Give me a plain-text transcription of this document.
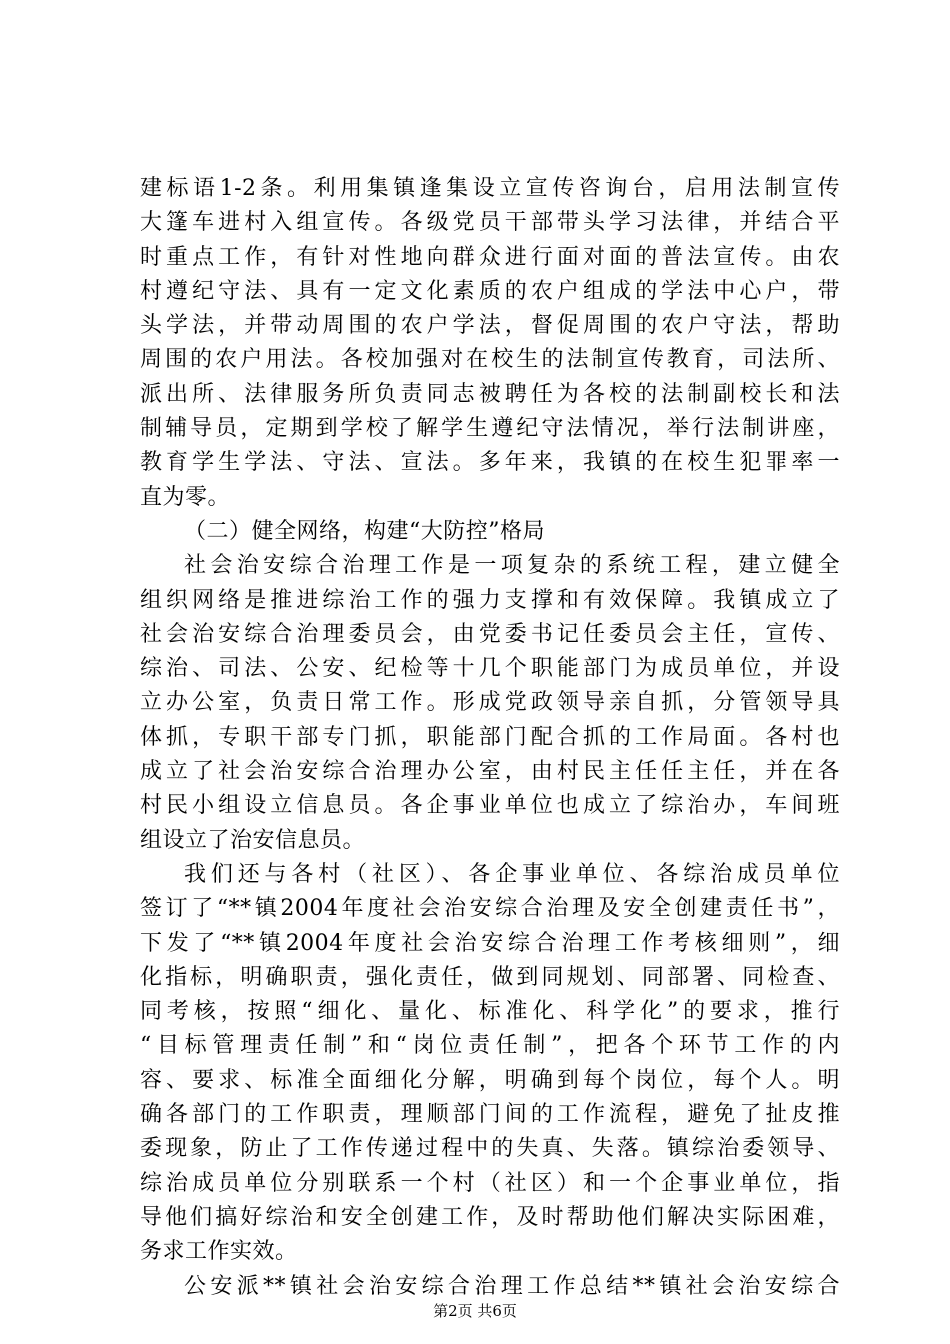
建标语1-2条。利用集镇逢集设立宣传咨询台，启用法制宣传
大篷车进村入组宣传。各级党员干部带头学习法律，并结合平
时重点工作，有针对性地向群众进行面对面的普法宣传。由农
村遵纪守法、具有一定文化素质的农户组成的学法中心户，带
头学法，并带动周围的农户学法，督促周围的农户守法，帮助
周围的农户用法。各校加强对在校生的法制宣传教育，司法所、
派出所、法律服务所负责同志被聘任为各校的法制副校长和法
制辅导员，定期到学校了解学生遵纪守法情况，举行法制讲座，
教育学生学法、守法、宣法。多年来，我镇的在校生犯罪率一
直为零。
（二）健全网络，构建“大防控”格局
社会治安综合治理工作是一项复杂的系统工程，建立健全
组织网络是推进综治工作的强力支撑和有效保障。我镇成立了
社会治安综合治理委员会，由党委书记任委员会主任，宣传、
综治、司法、公安、纪检等十几个职能部门为成员单位，并设
立办公室，负责日常工作。形成党政领导亲自抓，分管领导具
体抓，专职干部专门抓，职能部门配合抓的工作局面。各村也
成立了社会治安综合治理办公室，由村民主任任主任，并在各
村民小组设立信息员。各企事业单位也成立了综治办，车间班
组设立了治安信息员。
我们还与各村（社区）、各企事业单位、各综治成员单位
签订了“**镇2004年度社会治安综合治理及安全创建责任书”，
下发了“**镇2004年度社会治安综合治理工作考核细则”，细
化指标，明确职责，强化责任，做到同规划、同部署、同检查、
同考核，按照“细化、量化、标准化、科学化”的要求，推行
“目标管理责任制”和“岗位责任制”，把各个环节工作的内
容、要求、标准全面细化分解，明确到每个岗位，每个人。明
确各部门的工作职责，理顺部门间的工作流程，避免了扯皮推
委现象，防止了工作传递过程中的失真、失落。镇综治委领导、
综治成员单位分别联系一个村（社区）和一个企事业单位，指
导他们搞好综治和安全创建工作，及时帮助他们解决实际困难，
务求工作实效。
公安派**镇社会治安综合治理工作总结**镇社会治安综合
第2页 共6页
